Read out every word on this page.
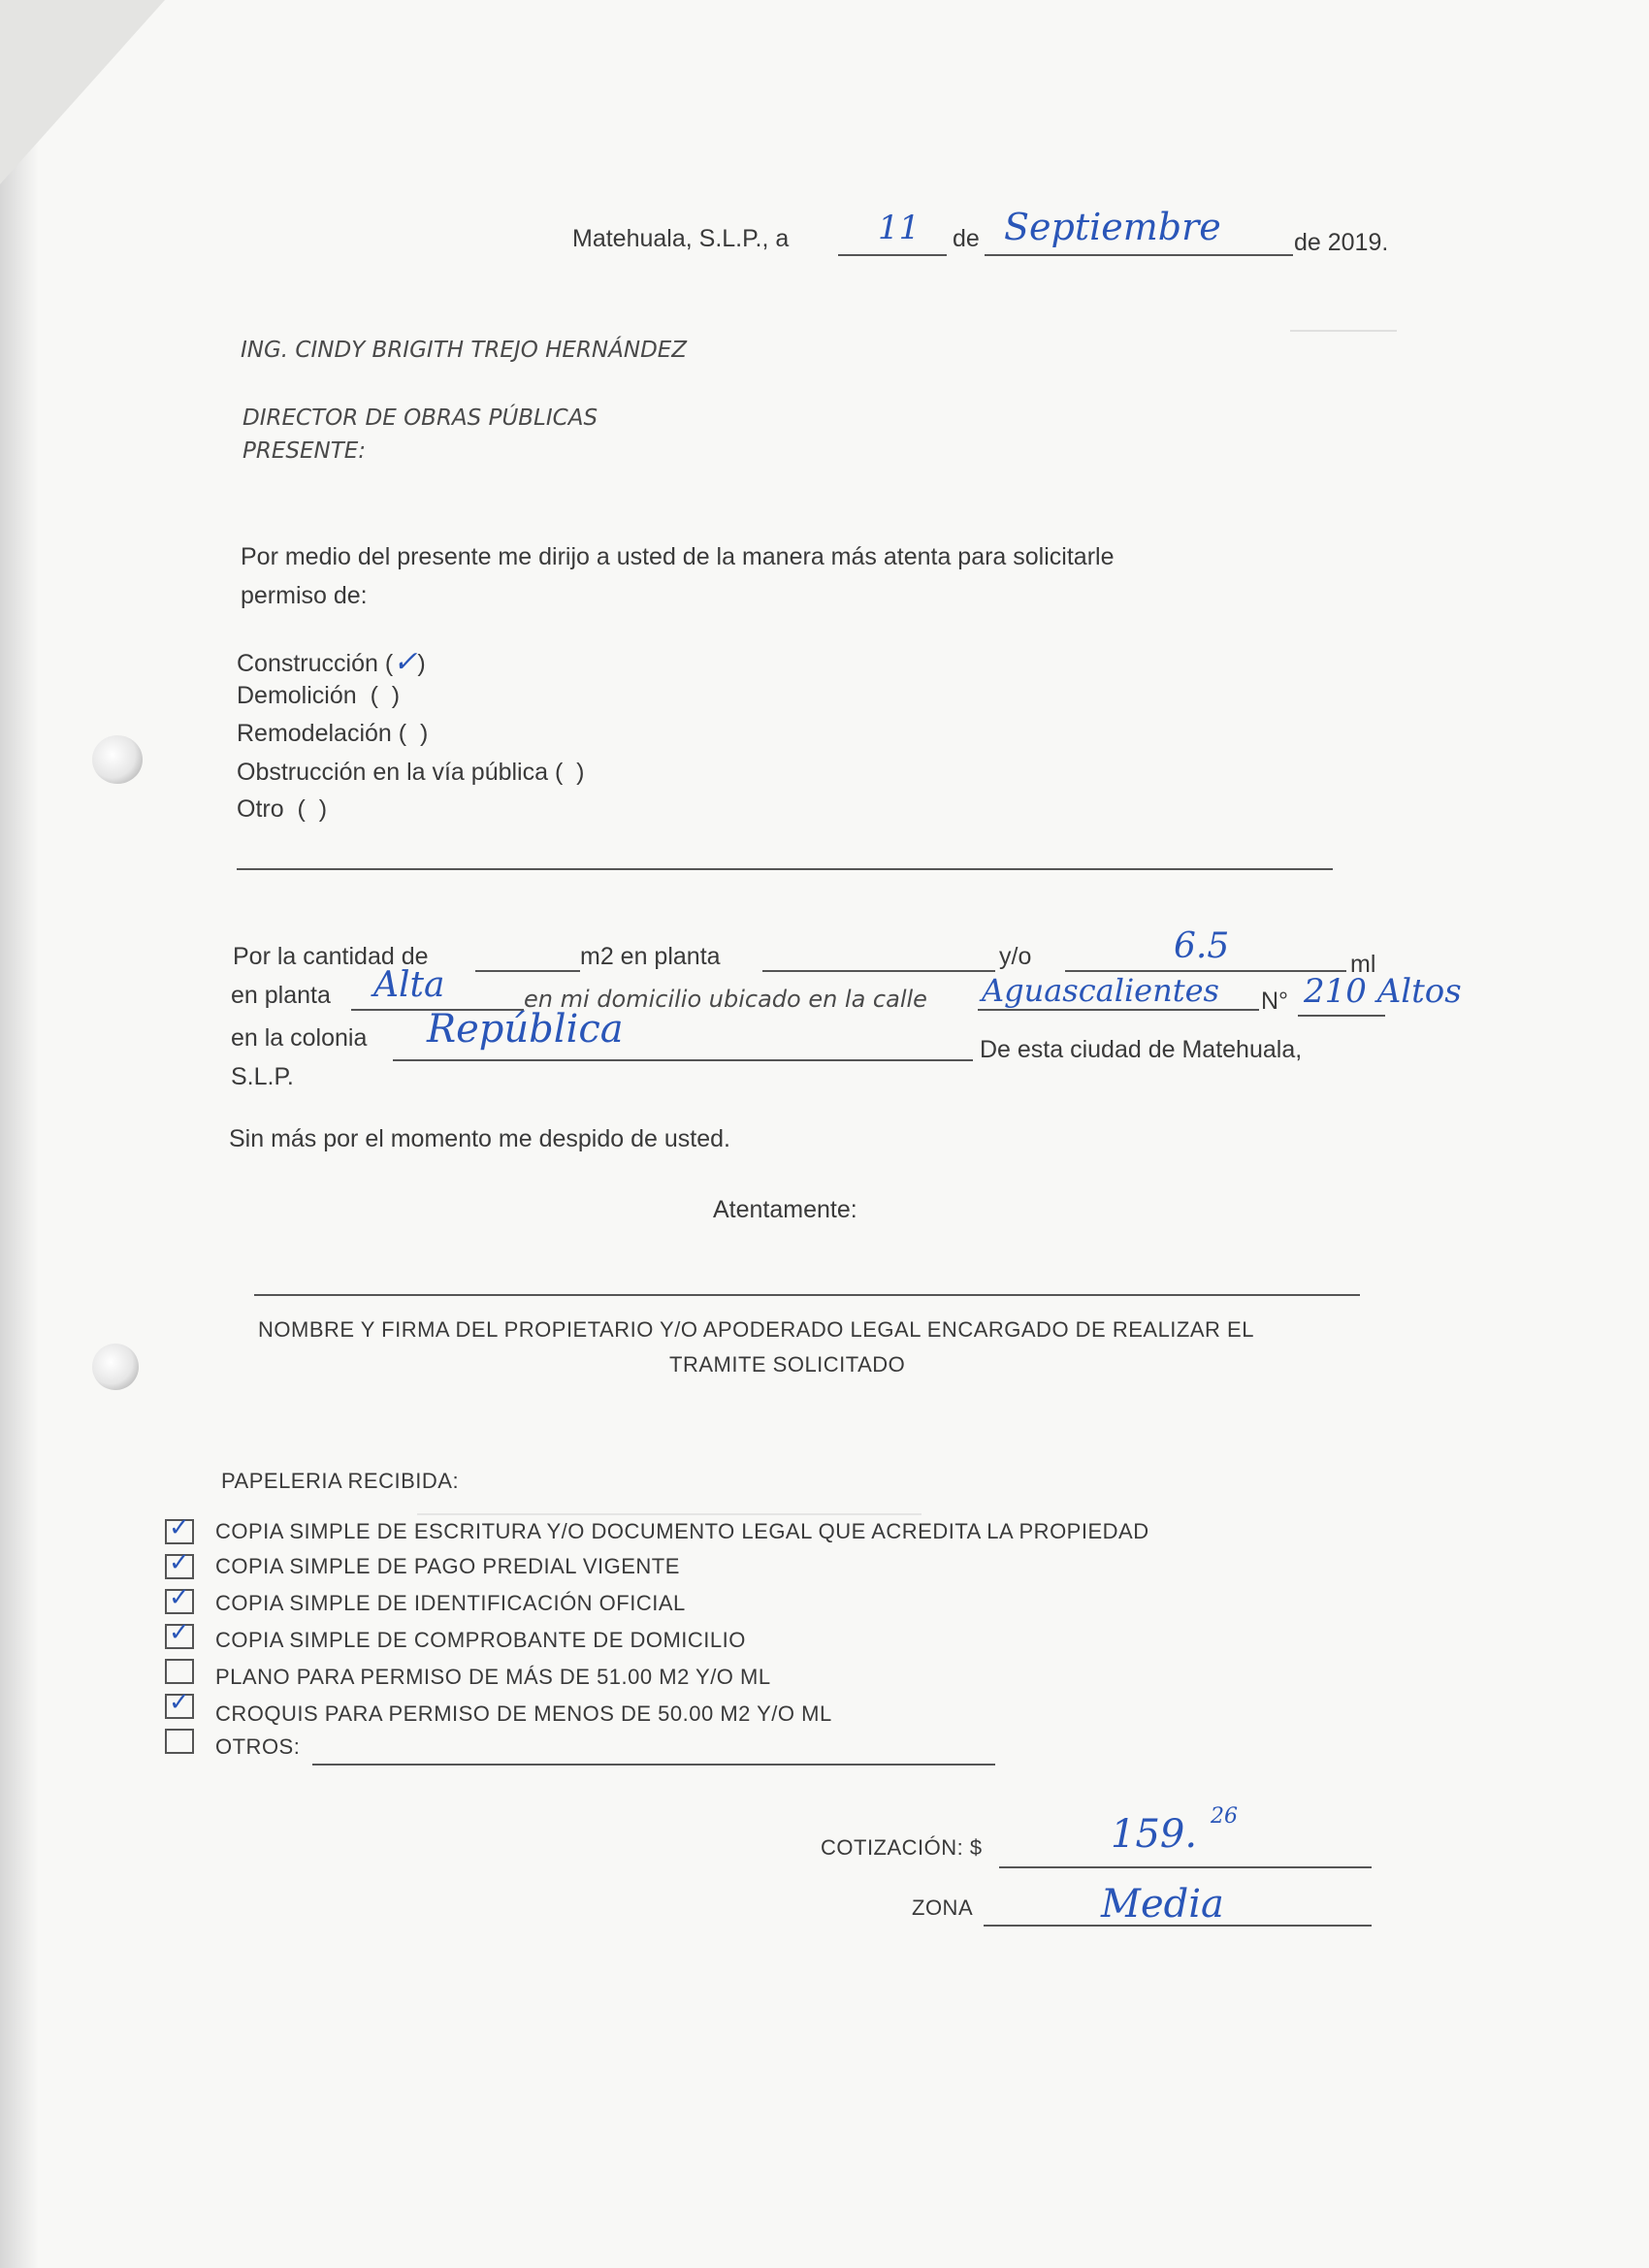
Matehuala, S.L.P., a	11 de Septiembre	de 2019.
ING. CINDY BRIGITH TREJO HERNÁNDEZ
DIRECTOR DE OBRAS PÚBLICAS
PRESENTE:
Por medio del presente me dirijo a usted de la manera más atenta para solicitarle
permiso de:
Construcción (✓)
Demolición  (  )
Remodelación (  )
Obstrucción en la vía pública (  )
Otro  (  )
Por la cantidad de	m2 en planta	y/o	6.5	ml
en planta Alta	en mi domicilio ubicado en la calle Aguascalientes N° 210 Altos
en la colonia República	De esta ciudad de Matehuala,
S.L.P.
Sin más por el momento me despido de usted.
Atentamente:
NOMBRE Y FIRMA DEL PROPIETARIO Y/O APODERADO LEGAL ENCARGADO DE REALIZAR EL
TRAMITE SOLICITADO
PAPELERIA RECIBIDA:
✓ COPIA SIMPLE DE ESCRITURA Y/O DOCUMENTO LEGAL QUE ACREDITA LA PROPIEDAD
✓ COPIA SIMPLE DE PAGO PREDIAL VIGENTE
✓ COPIA SIMPLE DE IDENTIFICACIÓN OFICIAL
✓ COPIA SIMPLE DE COMPROBANTE DE DOMICILIO
PLANO PARA PERMISO DE MÁS DE 51.00 M2 Y/O ML
✓ CROQUIS PARA PERMISO DE MENOS DE 50.00 M2 Y/O ML
OTROS:
COTIZACIÓN: $	159. 26
ZONA	Media
